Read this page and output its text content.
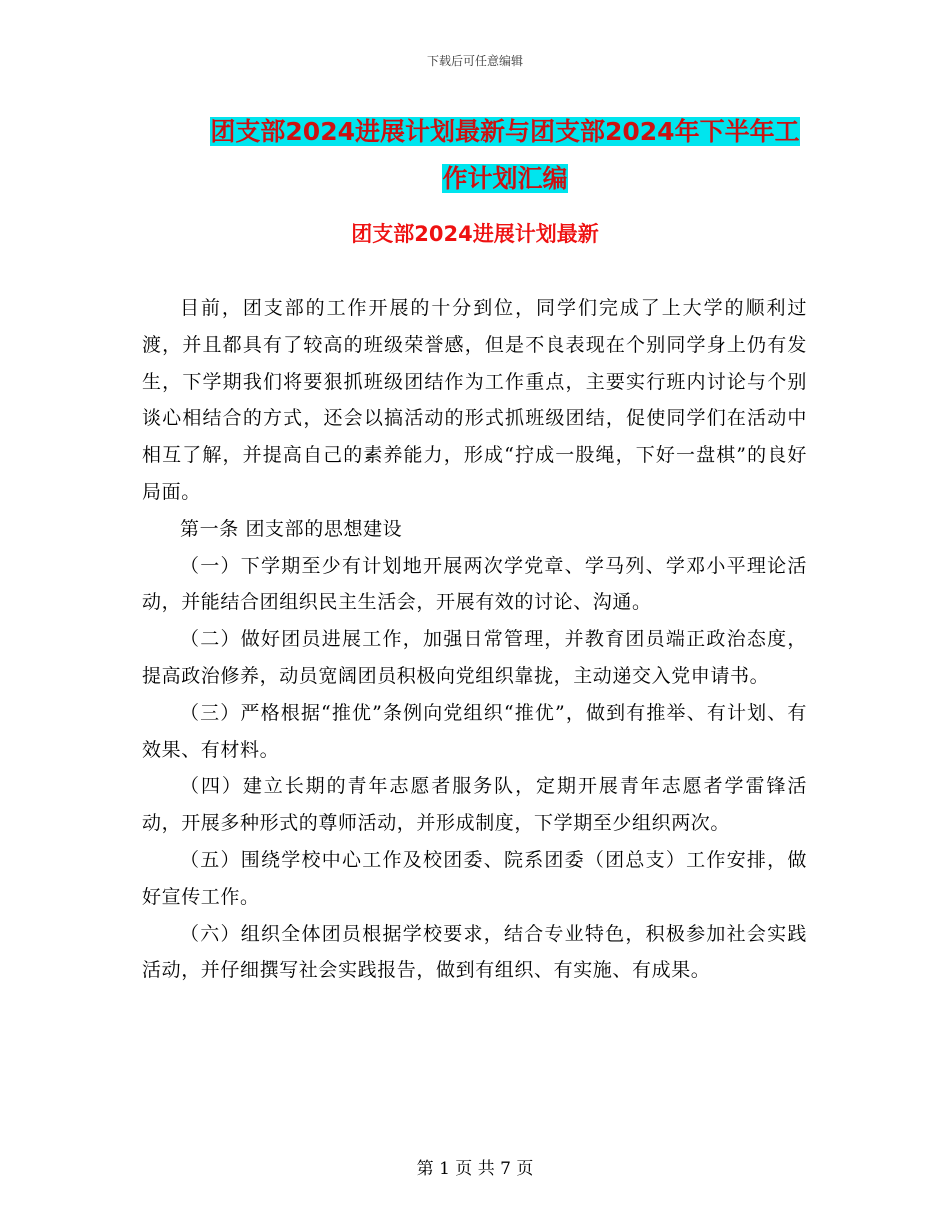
下载后可任意编辑
团支部2024进展计划最新与团支部2024年下半年工
作计划汇编
团支部2024进展计划最新

目前，团支部的工作开展的十分到位，同学们完成了上大学的顺利过渡，并且都具有了较高的班级荣誉感，但是不良表现在个别同学身上仍有发生，下学期我们将要狠抓班级团结作为工作重点，主要实行班内讨论与个别谈心相结合的方式，还会以搞活动的形式抓班级团结，促使同学们在活动中相互了解，并提高自己的素养能力，形成“拧成一股绳，下好一盘棋”的良好局面。

第一条 团支部的思想建设

（一）下学期至少有计划地开展两次学党章、学马列、学邓小平理论活动，并能结合团组织民主生活会，开展有效的讨论、沟通。

（二）做好团员进展工作，加强日常管理，并教育团员端正政治态度，提高政治修养，动员宽阔团员积极向党组织靠拢，主动递交入党申请书。

（三）严格根据“推优”条例向党组织“推优”，做到有推举、有计划、有效果、有材料。

（四）建立长期的青年志愿者服务队，定期开展青年志愿者学雷锋活动，开展多种形式的尊师活动，并形成制度，下学期至少组织两次。

（五）围绕学校中心工作及校团委、院系团委（团总支）工作安排，做好宣传工作。

（六）组织全体团员根据学校要求，结合专业特色，积极参加社会实践活动，并仔细撰写社会实践报告，做到有组织、有实施、有成果。

第 1 页 共 7 页
